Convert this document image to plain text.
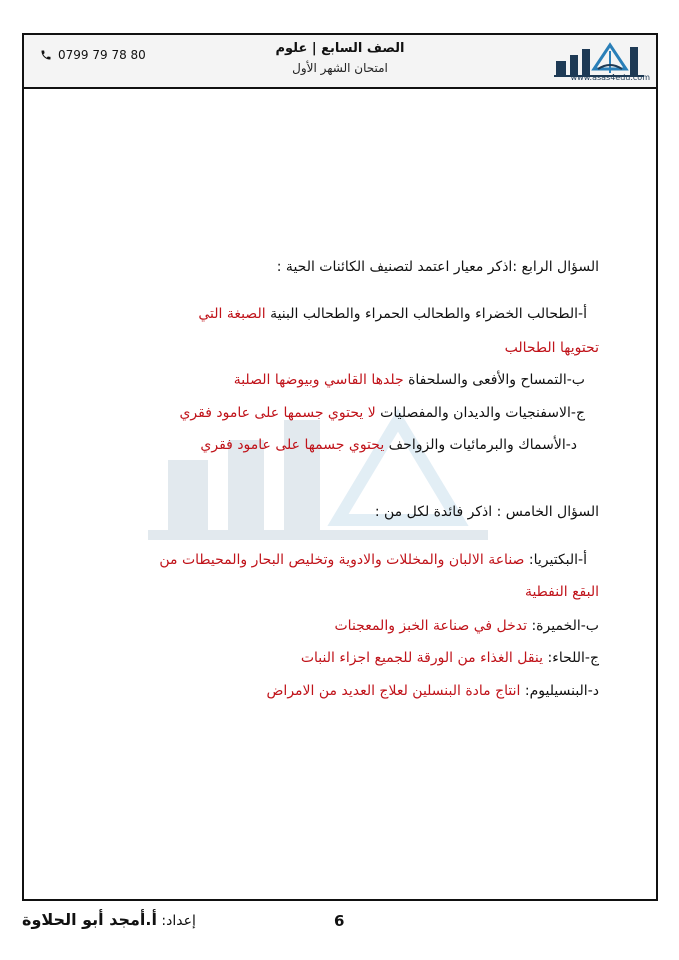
0799 79 78 80	الصف السابع | علوم
امتحان الشهر الأول
www.asas4edu.com
السؤال الرابع :اذكر معيار اعتمد لتصنيف الكائنات الحية :
أ-الطحالب الخضراء والطحالب الحمراء والطحالب البنية الصبغة التي
تحتويها الطحالب
ب-التمساح والأفعى والسلحفاة جلدها القاسي وبيوضها الصلبة
ج-الاسفنجيات والديدان والمفصليات لا يحتوي جسمها على عامود فقري
د-الأسماك والبرمائيات والزواحف يحتوي جسمها على عامود فقري
السؤال الخامس : اذكر فائدة لكل من :
أ-البكتيريا: صناعة الالبان والمخللات والادوية وتخليص البحار والمحيطات من
البقع النفطية
ب-الخميرة: تدخل في صناعة الخبز والمعجنات
ج-اللحاء: ينقل الغذاء من الورقة للجميع اجزاء النبات
د-البنسيليوم: انتاج مادة البنسلين لعلاج العديد من الامراض
إعداد: أ.أمجد أبو الحلاوة	6
